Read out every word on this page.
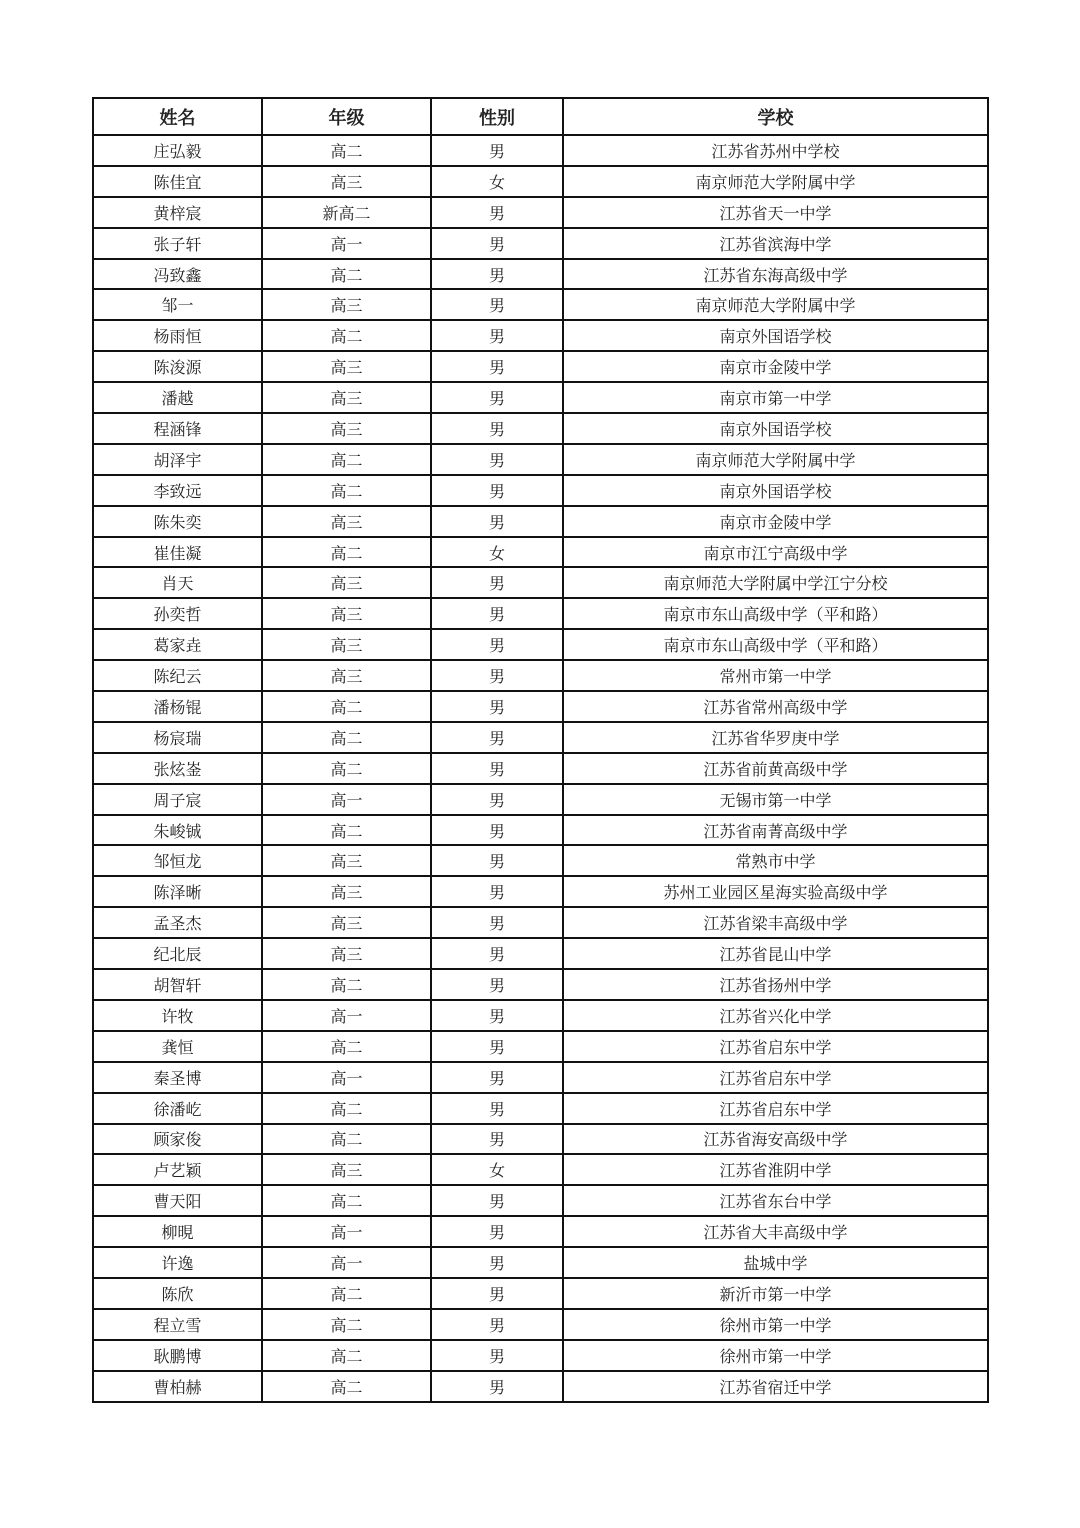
姓名	年级	性别	学校
庄弘毅	高二	男	江苏省苏州中学校
陈佳宜	高三	女	南京师范大学附属中学
黄梓宸	新高二	男	江苏省天一中学
张子轩	高一	男	江苏省滨海中学
冯致鑫	高二	男	江苏省东海高级中学
邹一	高三	男	南京师范大学附属中学
杨雨恒	高二	男	南京外国语学校
陈浚源	高三	男	南京市金陵中学
潘越	高三	男	南京市第一中学
程涵锋	高三	男	南京外国语学校
胡泽宇	高二	男	南京师范大学附属中学
李致远	高二	男	南京外国语学校
陈朱奕	高三	男	南京市金陵中学
崔佳凝	高二	女	南京市江宁高级中学
肖天	高三	男	南京师范大学附属中学江宁分校
孙奕哲	高三	男	南京市东山高级中学（平和路）
葛家垚	高三	男	南京市东山高级中学（平和路）
陈纪云	高三	男	常州市第一中学
潘杨锟	高二	男	江苏省常州高级中学
杨宸瑞	高二	男	江苏省华罗庚中学
张炫崟	高二	男	江苏省前黄高级中学
周子宸	高一	男	无锡市第一中学
朱峻铖	高二	男	江苏省南菁高级中学
邹恒龙	高三	男	常熟市中学
陈泽晰	高三	男	苏州工业园区星海实验高级中学
孟圣杰	高三	男	江苏省梁丰高级中学
纪北辰	高三	男	江苏省昆山中学
胡智轩	高二	男	江苏省扬州中学
许牧	高一	男	江苏省兴化中学
龚恒	高二	男	江苏省启东中学
秦圣博	高一	男	江苏省启东中学
徐潘屹	高二	男	江苏省启东中学
顾家俊	高二	男	江苏省海安高级中学
卢艺颖	高三	女	江苏省淮阴中学
曹天阳	高二	男	江苏省东台中学
柳晛	高一	男	江苏省大丰高级中学
许逸	高一	男	盐城中学
陈欣	高二	男	新沂市第一中学
程立雪	高二	男	徐州市第一中学
耿鹏博	高二	男	徐州市第一中学
曹柏赫	高二	男	江苏省宿迁中学
